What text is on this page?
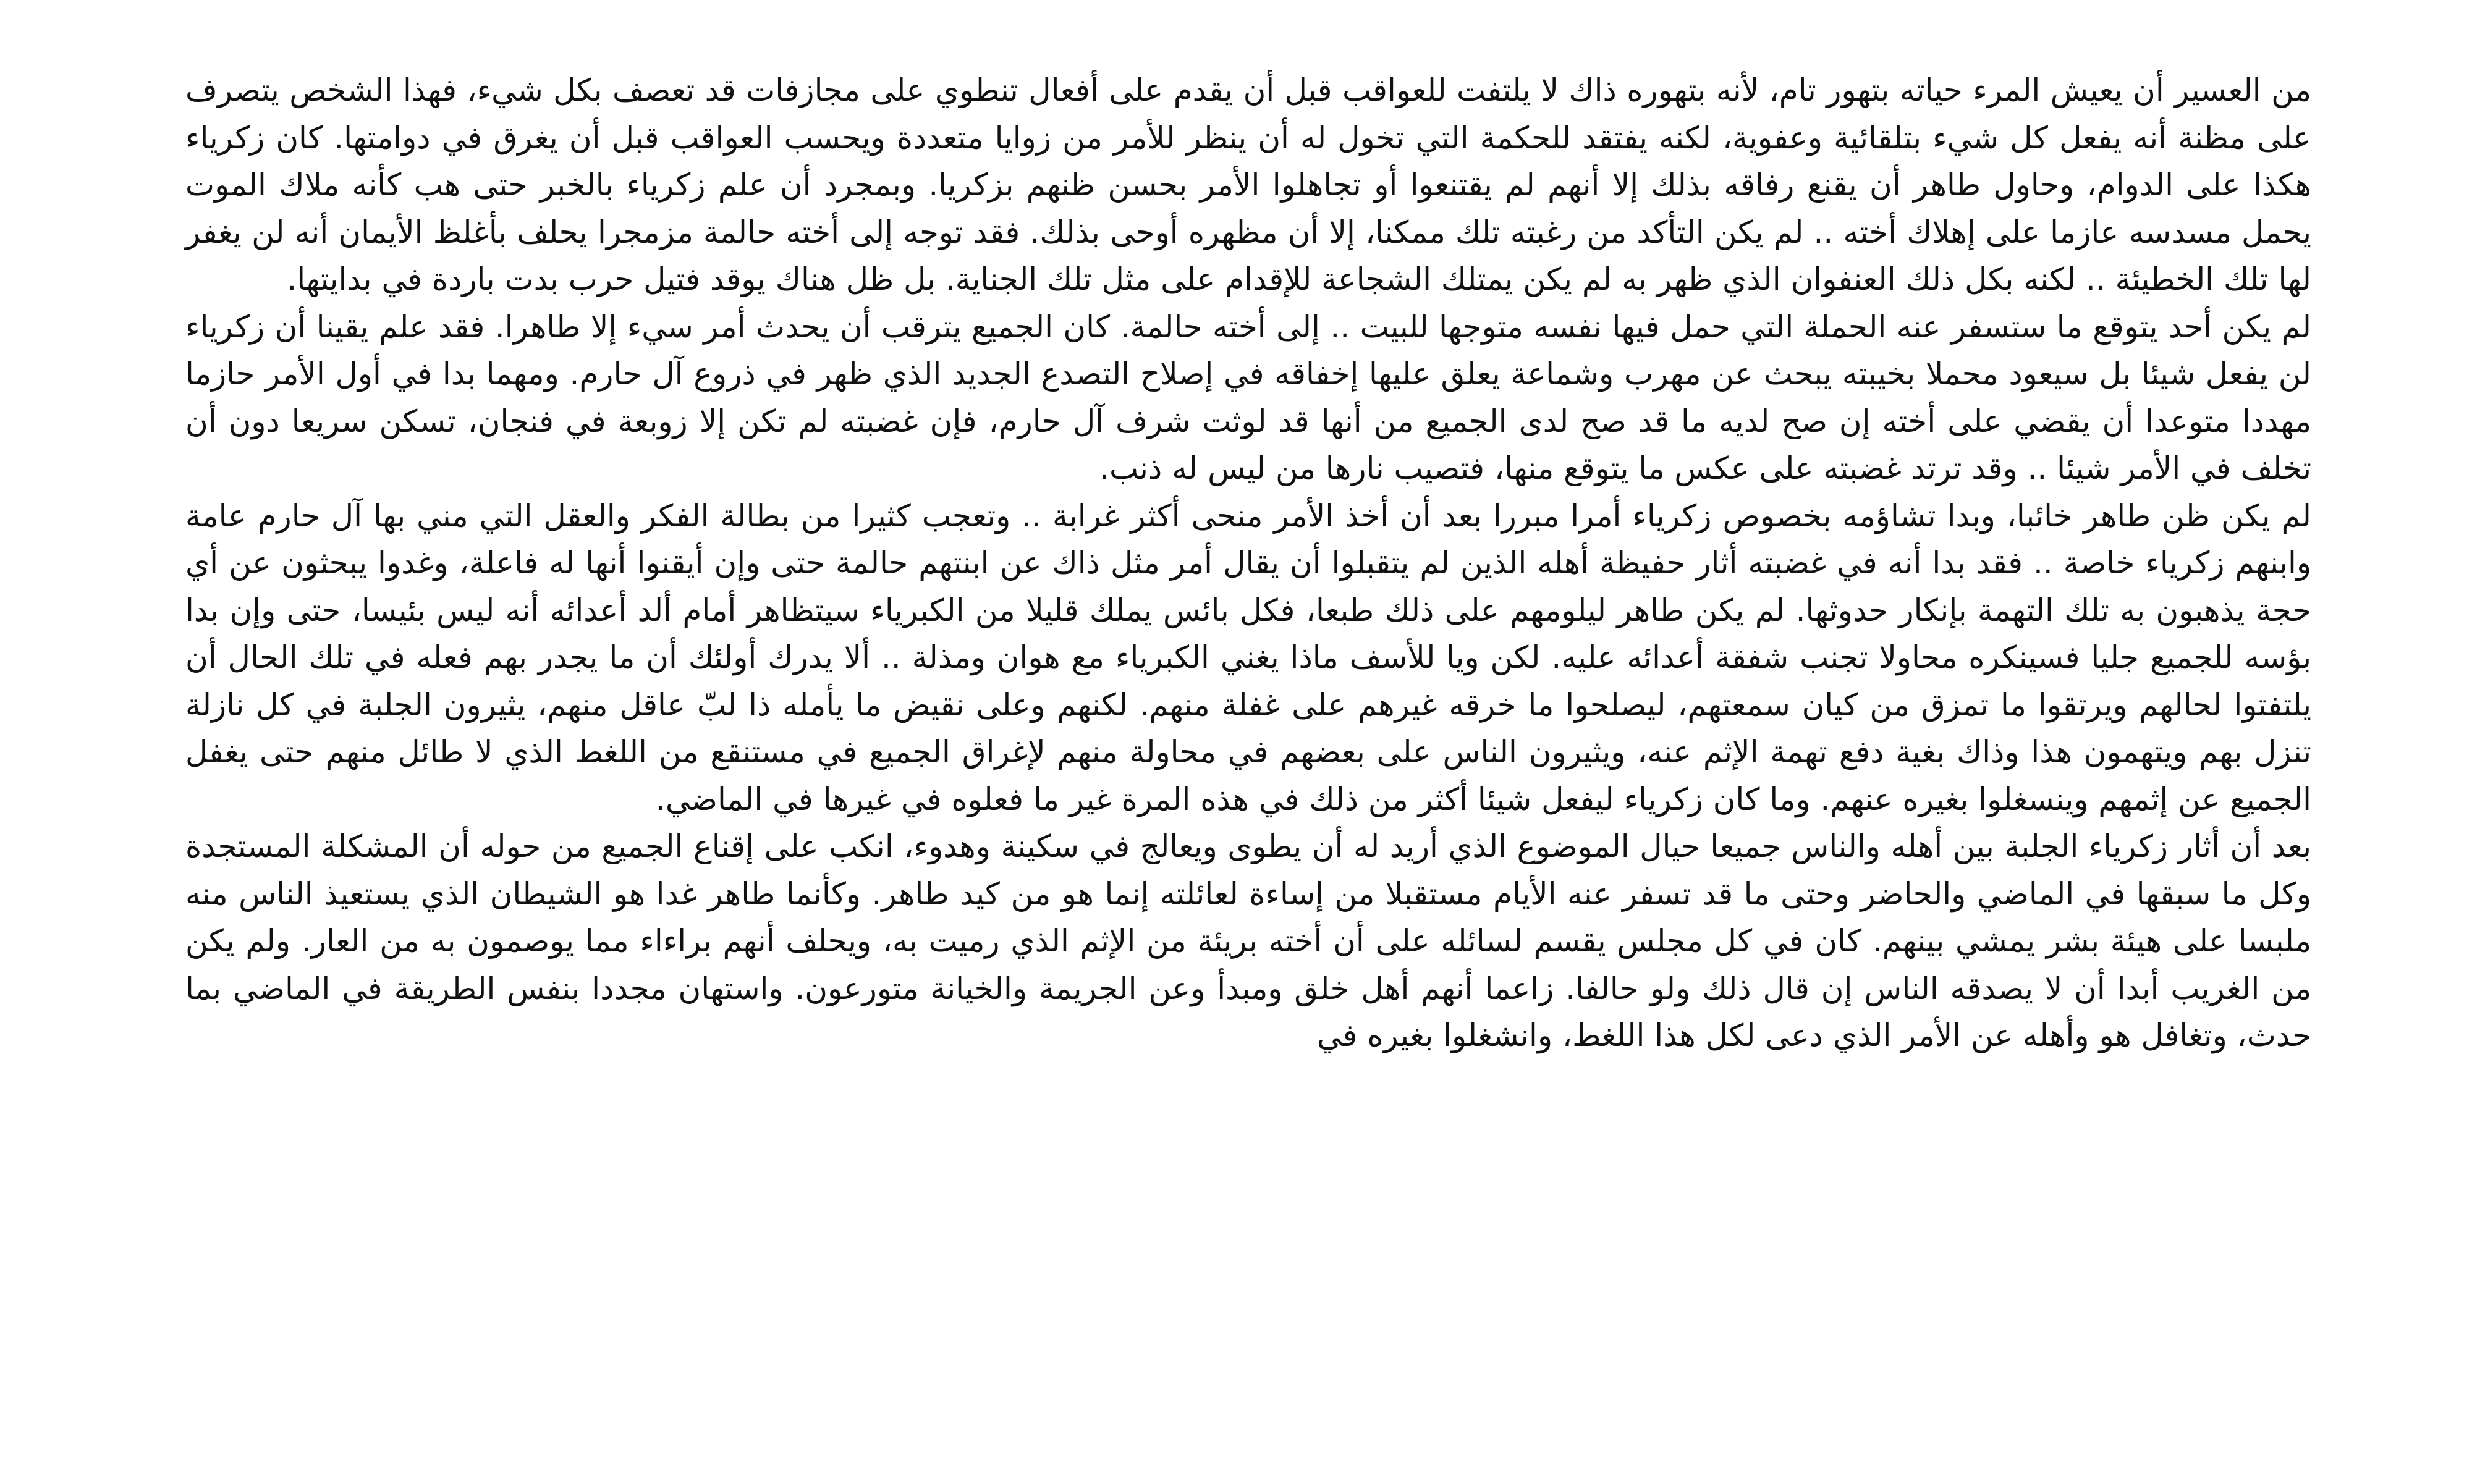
من العسير أن يعيش المرء حياته بتهور تام، لأنه بتهوره ذاك لا يلتفت للعواقب قبل أن يقدم على أفعال تنطوي على مجازفات قد تعصف بكل شيء، فهذا الشخص يتصرف على مظنة أنه يفعل كل شيء بتلقائية وعفوية، لكنه يفتقد للحكمة التي تخول له أن ينظر للأمر من زوايا متعددة ويحسب العواقب قبل أن يغرق في دوامتها. كان زكرياء هكذا على الدوام، وحاول طاهر أن يقنع رفاقه بذلك إلا أنهم لم يقتنعوا أو تجاهلوا الأمر بحسن ظنهم بزكريا. وبمجرد أن علم زكرياء بالخبر حتى هب كأنه ملاك الموت يحمل مسدسه عازما على إهلاك أخته .. لم يكن التأكد من رغبته تلك ممكنا، إلا أن مظهره أوحى بذلك. فقد توجه إلى أخته حالمة مزمجرا يحلف بأغلظ الأيمان أنه لن يغفر لها تلك الخطيئة .. لكنه بكل ذلك العنفوان الذي ظهر به لم يكن يمتلك الشجاعة للإقدام على مثل تلك الجناية. بل ظل هناك يوقد فتيل حرب بدت باردة في بدايتها.

لم يكن أحد يتوقع ما ستسفر عنه الحملة التي حمل فيها نفسه متوجها للبيت .. إلى أخته حالمة. كان الجميع يترقب أن يحدث أمر سيء إلا طاهرا. فقد علم يقينا أن زكرياء لن يفعل شيئا بل سيعود محملا بخيبته يبحث عن مهرب وشماعة يعلق عليها إخفاقه في إصلاح التصدع الجديد الذي ظهر في ذروع آل حارم. ومهما بدا في أول الأمر حازما مهددا متوعدا أن يقضي على أخته إن صح لديه ما قد صح لدى الجميع من أنها قد لوثت شرف آل حارم، فإن غضبته لم تكن إلا زوبعة في فنجان، تسكن سريعا دون أن تخلف في الأمر شيئا .. وقد ترتد غضبته على عكس ما يتوقع منها، فتصيب نارها من ليس له ذنب.

لم يكن ظن طاهر خائبا، وبدا تشاؤمه بخصوص زكرياء أمرا مبررا بعد أن أخذ الأمر منحى أكثر غرابة .. وتعجب كثيرا من بطالة الفكر والعقل التي مني بها آل حارم عامة وابنهم زكرياء خاصة .. فقد بدا أنه في غضبته أثار حفيظة أهله الذين لم يتقبلوا أن يقال أمر مثل ذاك عن ابنتهم حالمة حتى وإن أيقنوا أنها له فاعلة، وغدوا يبحثون عن أي حجة يذهبون به تلك التهمة بإنكار حدوثها. لم يكن طاهر ليلومهم على ذلك طبعا، فكل بائس يملك قليلا من الكبرياء سيتظاهر أمام ألد أعدائه أنه ليس بئيسا، حتى وإن بدا بؤسه للجميع جليا فسينكره محاولا تجنب شفقة أعدائه عليه. لكن ويا للأسف ماذا يغني الكبرياء مع هوان ومذلة .. ألا يدرك أولئك أن ما يجدر بهم فعله في تلك الحال أن يلتفتوا لحالهم ويرتقوا ما تمزق من كيان سمعتهم، ليصلحوا ما خرقه غيرهم على غفلة منهم. لكنهم وعلى نقيض ما يأمله ذا لبّ عاقل منهم، يثيرون الجلبة في كل نازلة تنزل بهم ويتهمون هذا وذاك بغية دفع تهمة الإثم عنه، ويثيرون الناس على بعضهم في محاولة منهم لإغراق الجميع في مستنقع من اللغط الذي لا طائل منهم حتى يغفل الجميع عن إثمهم وينسغلوا بغيره عنهم. وما كان زكرياء ليفعل شيئا أكثر من ذلك في هذه المرة غير ما فعلوه في غيرها في الماضي.

بعد أن أثار زكرياء الجلبة بين أهله والناس جميعا حيال الموضوع الذي أريد له أن يطوى ويعالج في سكينة وهدوء، انكب على إقناع الجميع من حوله أن المشكلة المستجدة وكل ما سبقها في الماضي والحاضر وحتى ما قد تسفر عنه الأيام مستقبلا من إساءة لعائلته إنما هو من كيد طاهر. وكأنما طاهر غدا هو الشيطان الذي يستعيذ الناس منه ملبسا على هيئة بشر يمشي بينهم. كان في كل مجلس يقسم لسائله على أن أخته بريئة من الإثم الذي رميت به، ويحلف أنهم براءاء مما يوصمون به من العار. ولم يكن من الغريب أبدا أن لا يصدقه الناس إن قال ذلك ولو حالفا. زاعما أنهم أهل خلق ومبدأ وعن الجريمة والخيانة متورعون. واستهان مجددا بنفس الطريقة في الماضي بما حدث، وتغافل هو وأهله عن الأمر الذي دعى لكل هذا اللغط، وانشغلوا بغيره في
